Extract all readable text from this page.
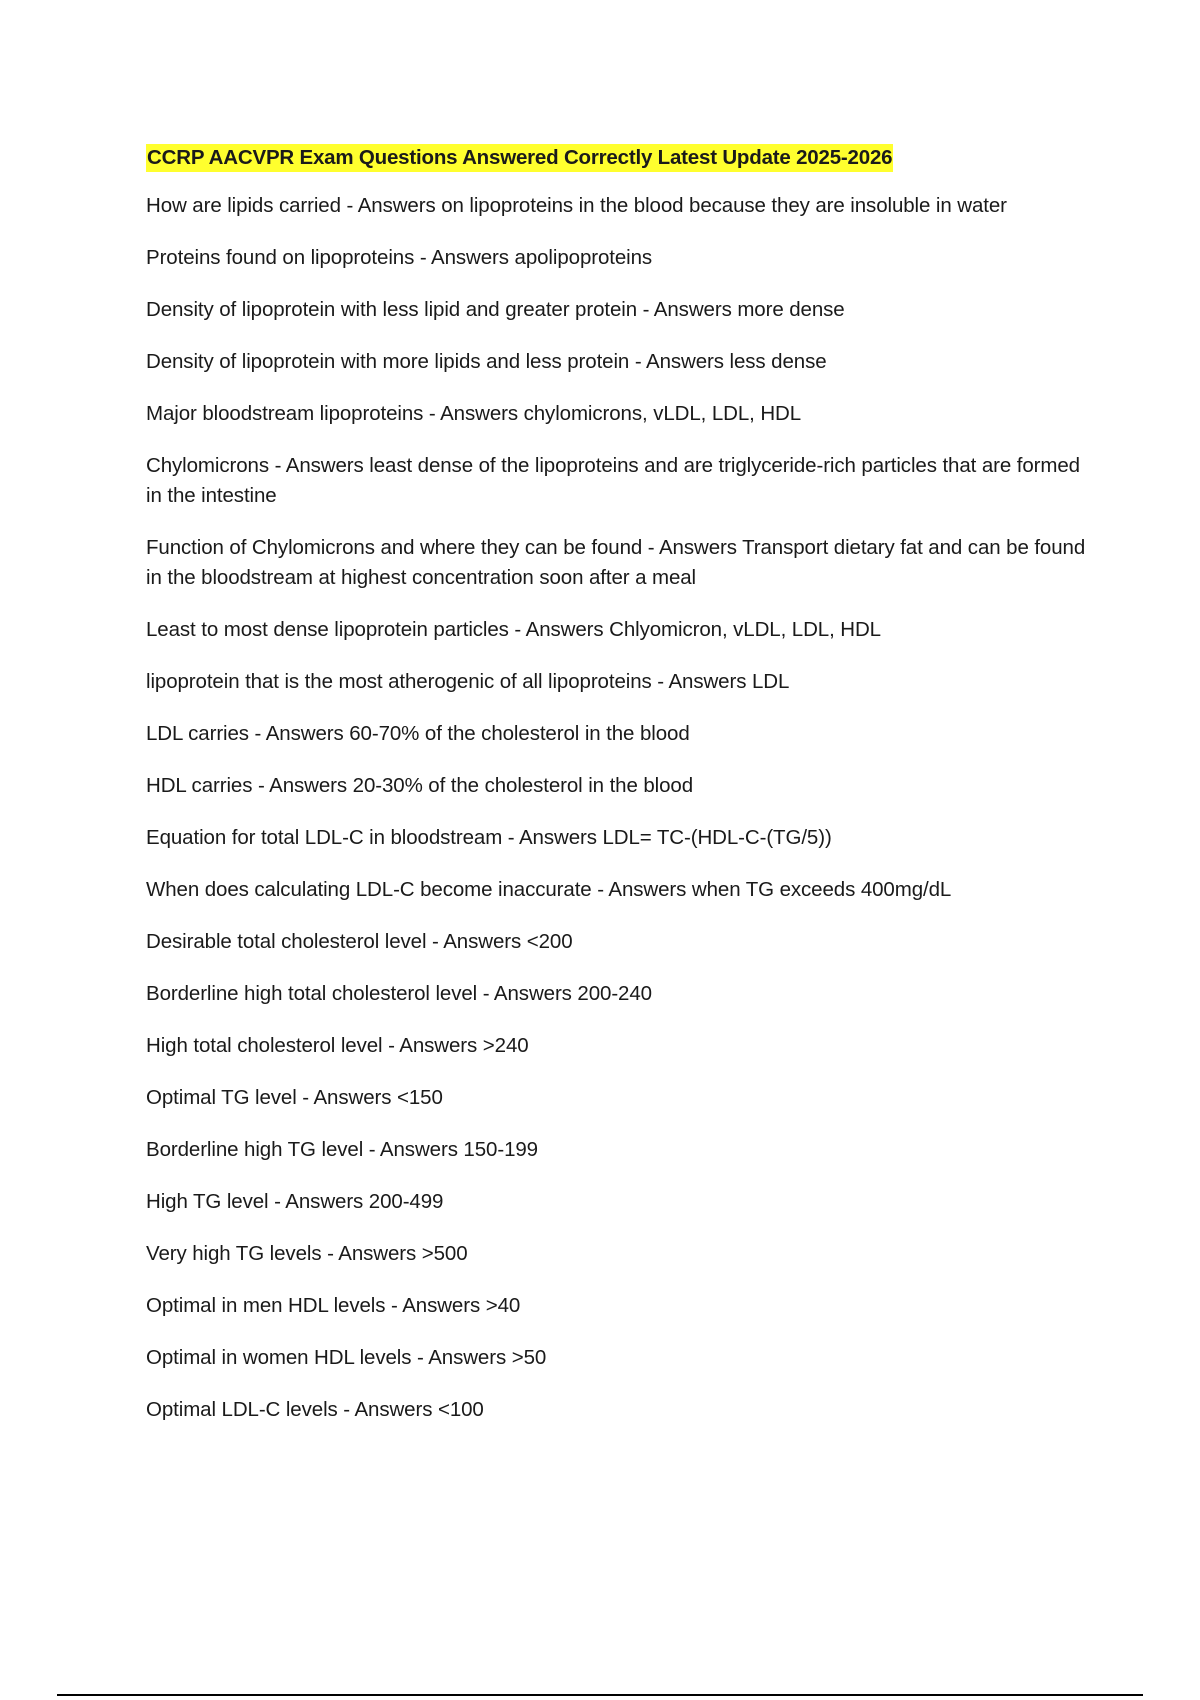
CCRP AACVPR Exam Questions Answered Correctly Latest Update 2025-2026
How are lipids carried - Answers on lipoproteins in the blood because they are insoluble in water
Proteins found on lipoproteins - Answers apolipoproteins
Density of lipoprotein with less lipid and greater protein - Answers more dense
Density of lipoprotein with more lipids and less protein - Answers less dense
Major bloodstream lipoproteins - Answers chylomicrons, vLDL, LDL, HDL
Chylomicrons - Answers least dense of the lipoproteins and are triglyceride-rich particles that are formed in the intestine
Function of Chylomicrons and where they can be found - Answers Transport dietary fat and can be found in the bloodstream at highest concentration soon after a meal
Least to most dense lipoprotein particles - Answers Chlyomicron, vLDL, LDL, HDL
lipoprotein that is the most atherogenic of all lipoproteins - Answers LDL
LDL carries - Answers 60-70% of the cholesterol in the blood
HDL carries - Answers 20-30% of the cholesterol in the blood
Equation for total LDL-C in bloodstream - Answers LDL= TC-(HDL-C-(TG/5))
When does calculating LDL-C become inaccurate - Answers when TG exceeds 400mg/dL
Desirable total cholesterol level - Answers <200
Borderline high total cholesterol level - Answers 200-240
High total cholesterol level - Answers >240
Optimal TG level - Answers <150
Borderline high TG level - Answers 150-199
High TG level - Answers 200-499
Very high TG levels - Answers >500
Optimal in men HDL levels - Answers >40
Optimal in women HDL levels - Answers >50
Optimal LDL-C levels - Answers <100
